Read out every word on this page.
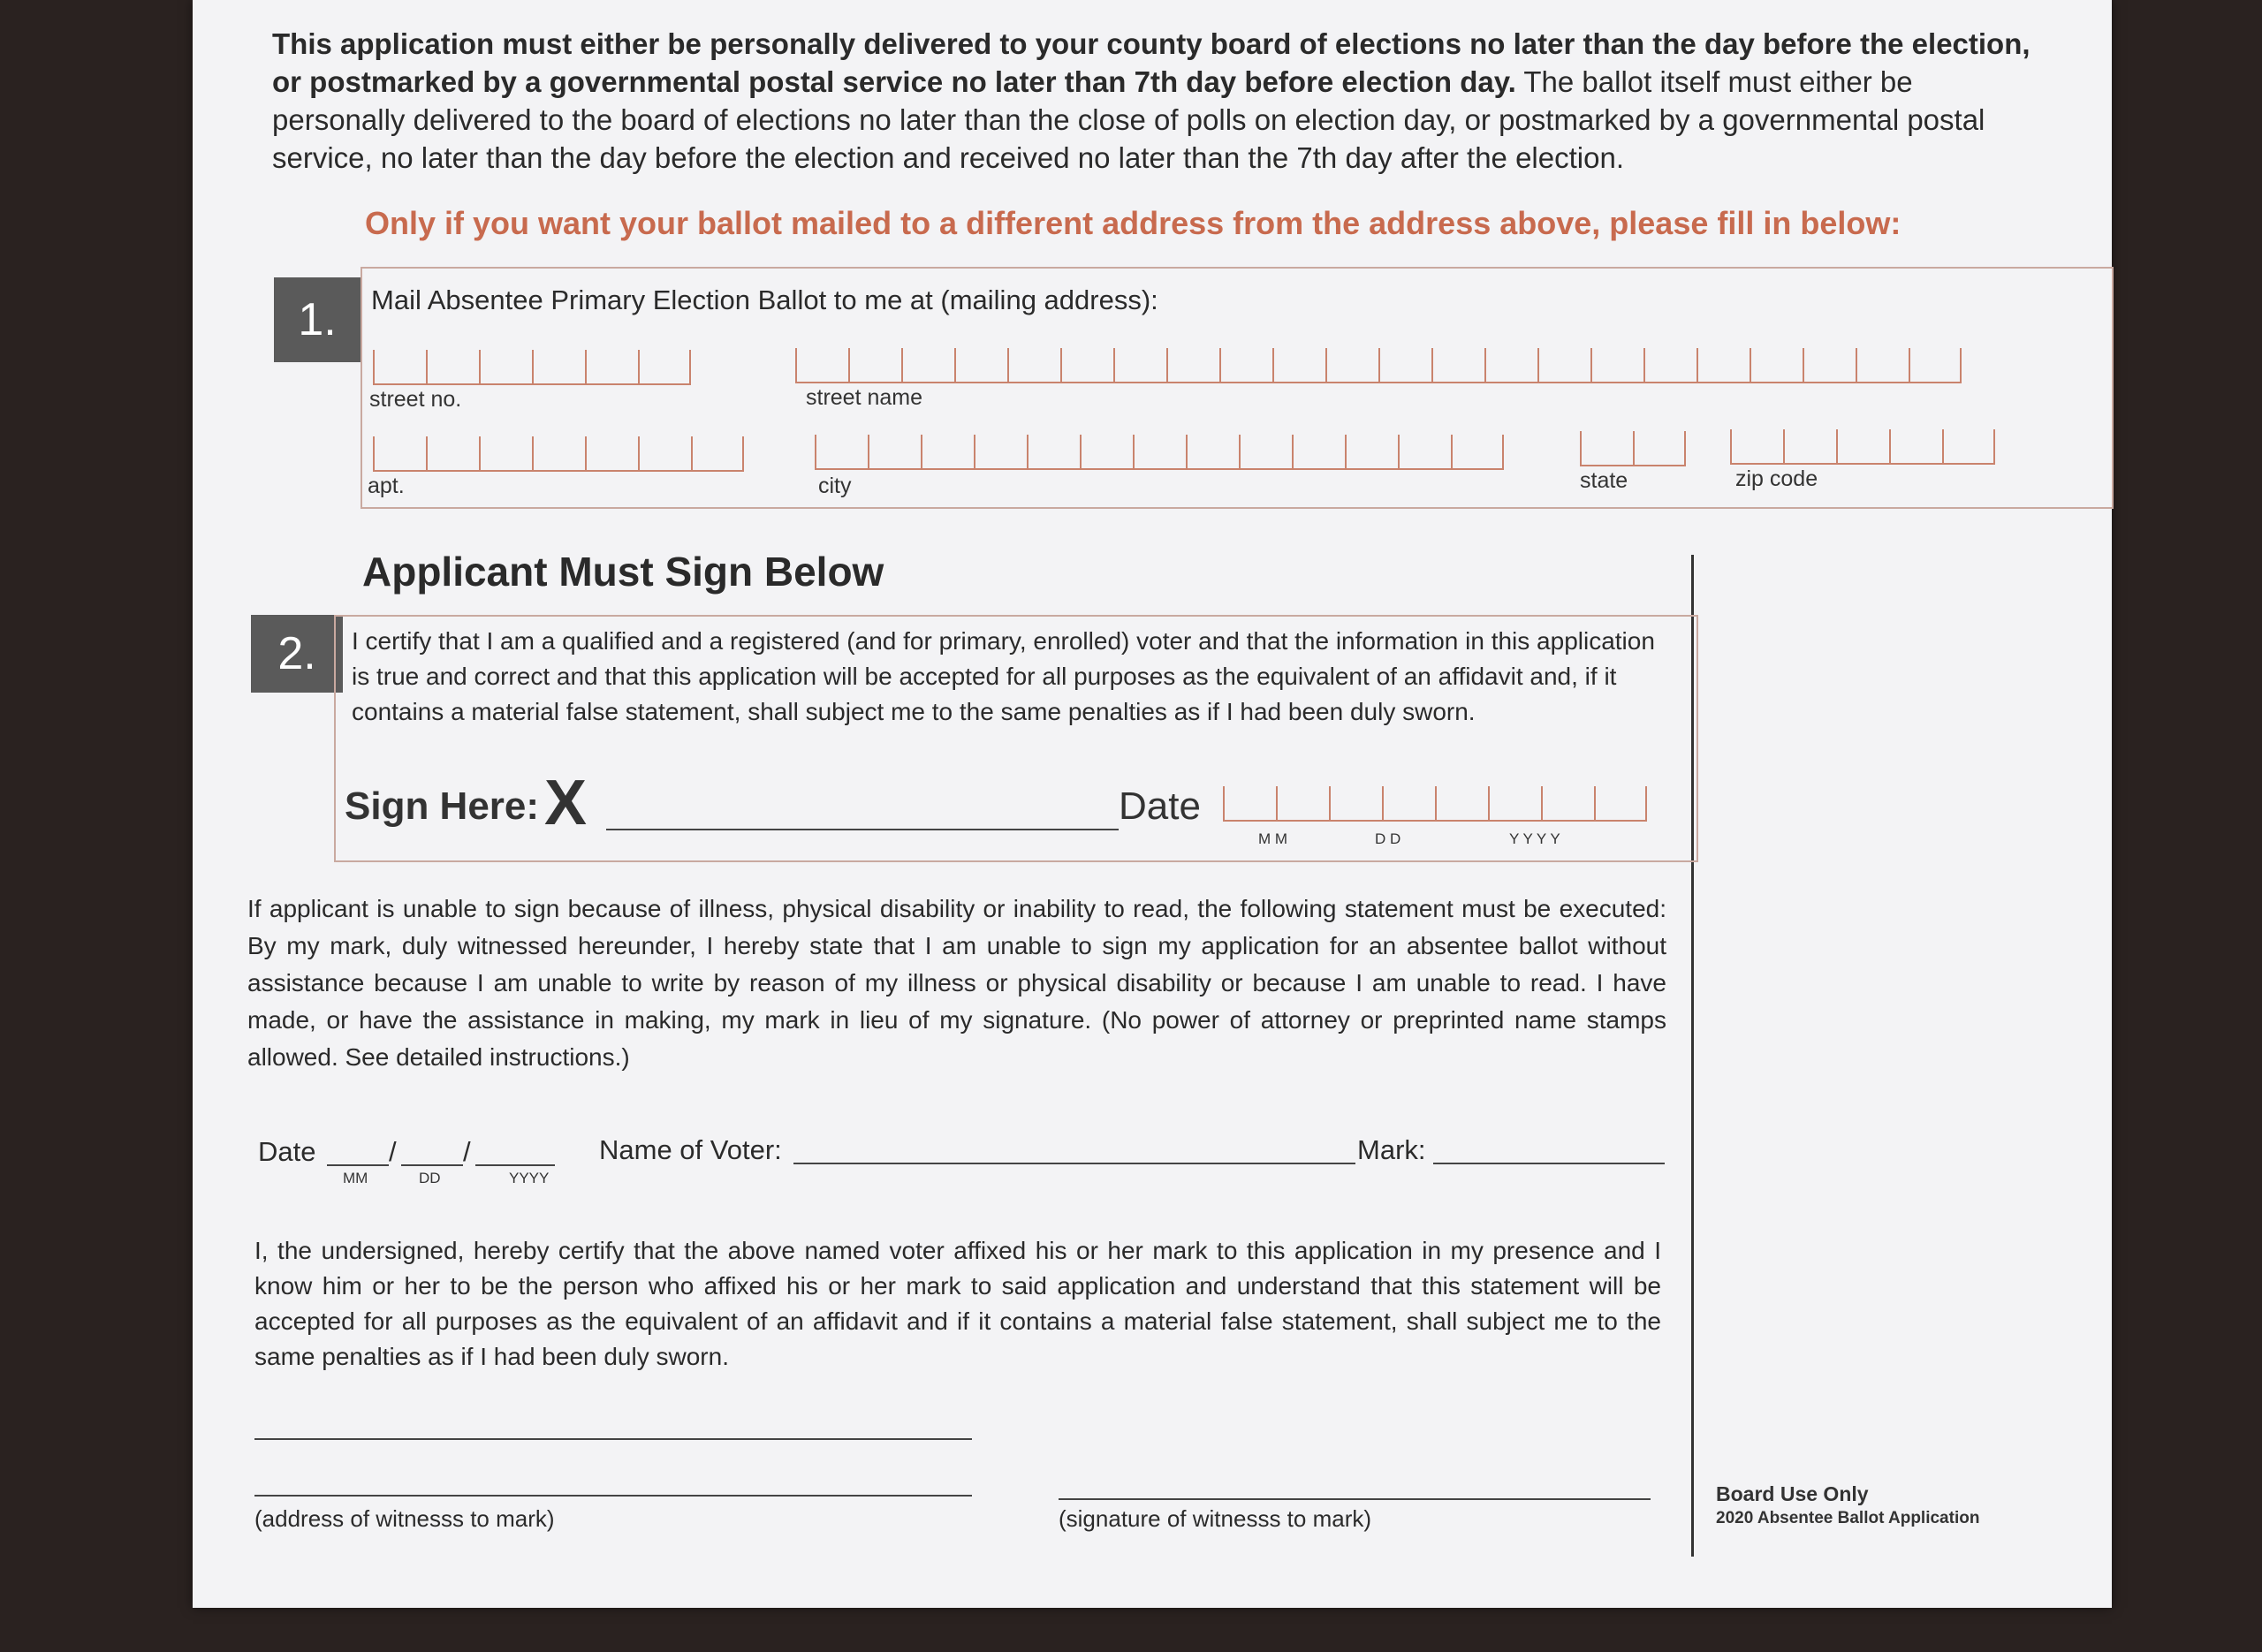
This application must either be personally delivered to your county board of elections no later than the day before the election, or postmarked by a governmental postal service no later than 7th day before election day. The ballot itself must either be personally delivered to the board of elections no later than the close of polls on election day, or postmarked by a governmental postal service, no later than the day before the election and received no later than the 7th day after the election.
Only if you want your ballot mailed to a different address from the address above, please fill in below:
1.	Mail Absentee Primary Election Ballot to me at (mailing address):
street no.	street name
apt.	city	state	zip code
Applicant Must Sign Below
2.	I certify that I am a qualified and a registered (and for primary, enrolled) voter and that the information in this application is true and correct and that this application will be accepted for all purposes as the equivalent of an affidavit and, if it contains a material false statement, shall subject me to the same penalties as if I had been duly sworn.
Sign Here: X	Date
M M	D D	Y Y Y Y
If applicant is unable to sign because of illness, physical disability or inability to read, the following statement must be executed: By my mark, duly witnessed hereunder, I hereby state that I am unable to sign my application for an absentee ballot without assistance because I am unable to write by reason of my illness or physical disability or because I am unable to read. I have made, or have the assistance in making, my mark in lieu of my signature. (No power of attorney or preprinted name stamps allowed. See detailed instructions.)
Date	/ /
MM	DD	YYYY
Name of Voter:	Mark:
I, the undersigned, hereby certify that the above named voter affixed his or her mark to this application in my presence and I know him or her to be the person who affixed his or her mark to said application and understand that this statement will be accepted for all purposes as the equivalent of an affidavit and if it contains a material false statement, shall subject me to the same penalties as if I had been duly sworn.
(address of witnesss to mark)	(signature of witnesss to mark)
Board Use Only
2020 Absentee Ballot Application
